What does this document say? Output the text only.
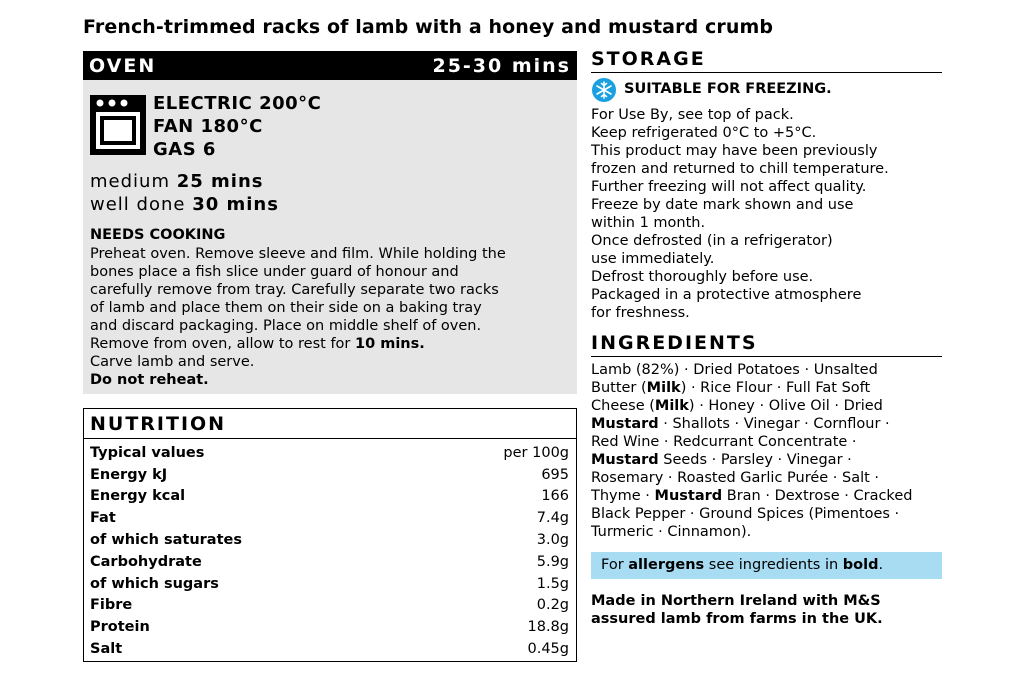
French-trimmed racks of lamb with a honey and mustard crumb
OVEN	25-30 mins
ELECTRIC 200°C
FAN 180°C
GAS 6
medium 25 mins
well done 30 mins
NEEDS COOKING

Preheat oven. Remove sleeve and film. While holding the

bones place a fish slice under guard of honour and

carefully remove from tray. Carefully separate two racks

of lamb and place them on their side on a baking tray

and discard packaging. Place on middle shelf of oven.

Remove from oven, allow to rest for 10 mins.

Carve lamb and serve.

Do not reheat.

NUTRITION
Typical values	per 100g
Energy kJ	695
Energy kcal	166
Fat	7.4g
of which saturates	3.0g
Carbohydrate	5.9g
of which sugars	1.5g
Fibre	0.2g
Protein	18.8g
Salt	0.45g
STORAGE
SUITABLE FOR FREEZING.
For Use By, see top of pack.
Keep refrigerated 0°C to +5°C.
This product may have been previously
frozen and returned to chill temperature.
Further freezing will not affect quality.
Freeze by date mark shown and use
within 1 month.
Once defrosted (in a refrigerator)
use immediately.
Defrost thoroughly before use.
Packaged in a protective atmosphere
for freshness.
INGREDIENTS
Lamb (82%) · Dried Potatoes · Unsalted
Butter (Milk) · Rice Flour · Full Fat Soft
Cheese (Milk) · Honey · Olive Oil · Dried
Mustard · Shallots · Vinegar · Cornflour ·
Red Wine · Redcurrant Concentrate ·
Mustard Seeds · Parsley · Vinegar ·
Rosemary · Roasted Garlic Purée · Salt ·
Thyme · Mustard Bran · Dextrose · Cracked
Black Pepper · Ground Spices (Pimentoes ·
Turmeric · Cinnamon).
For allergens see ingredients in bold.
Made in Northern Ireland with M&S
assured lamb from farms in the UK.
